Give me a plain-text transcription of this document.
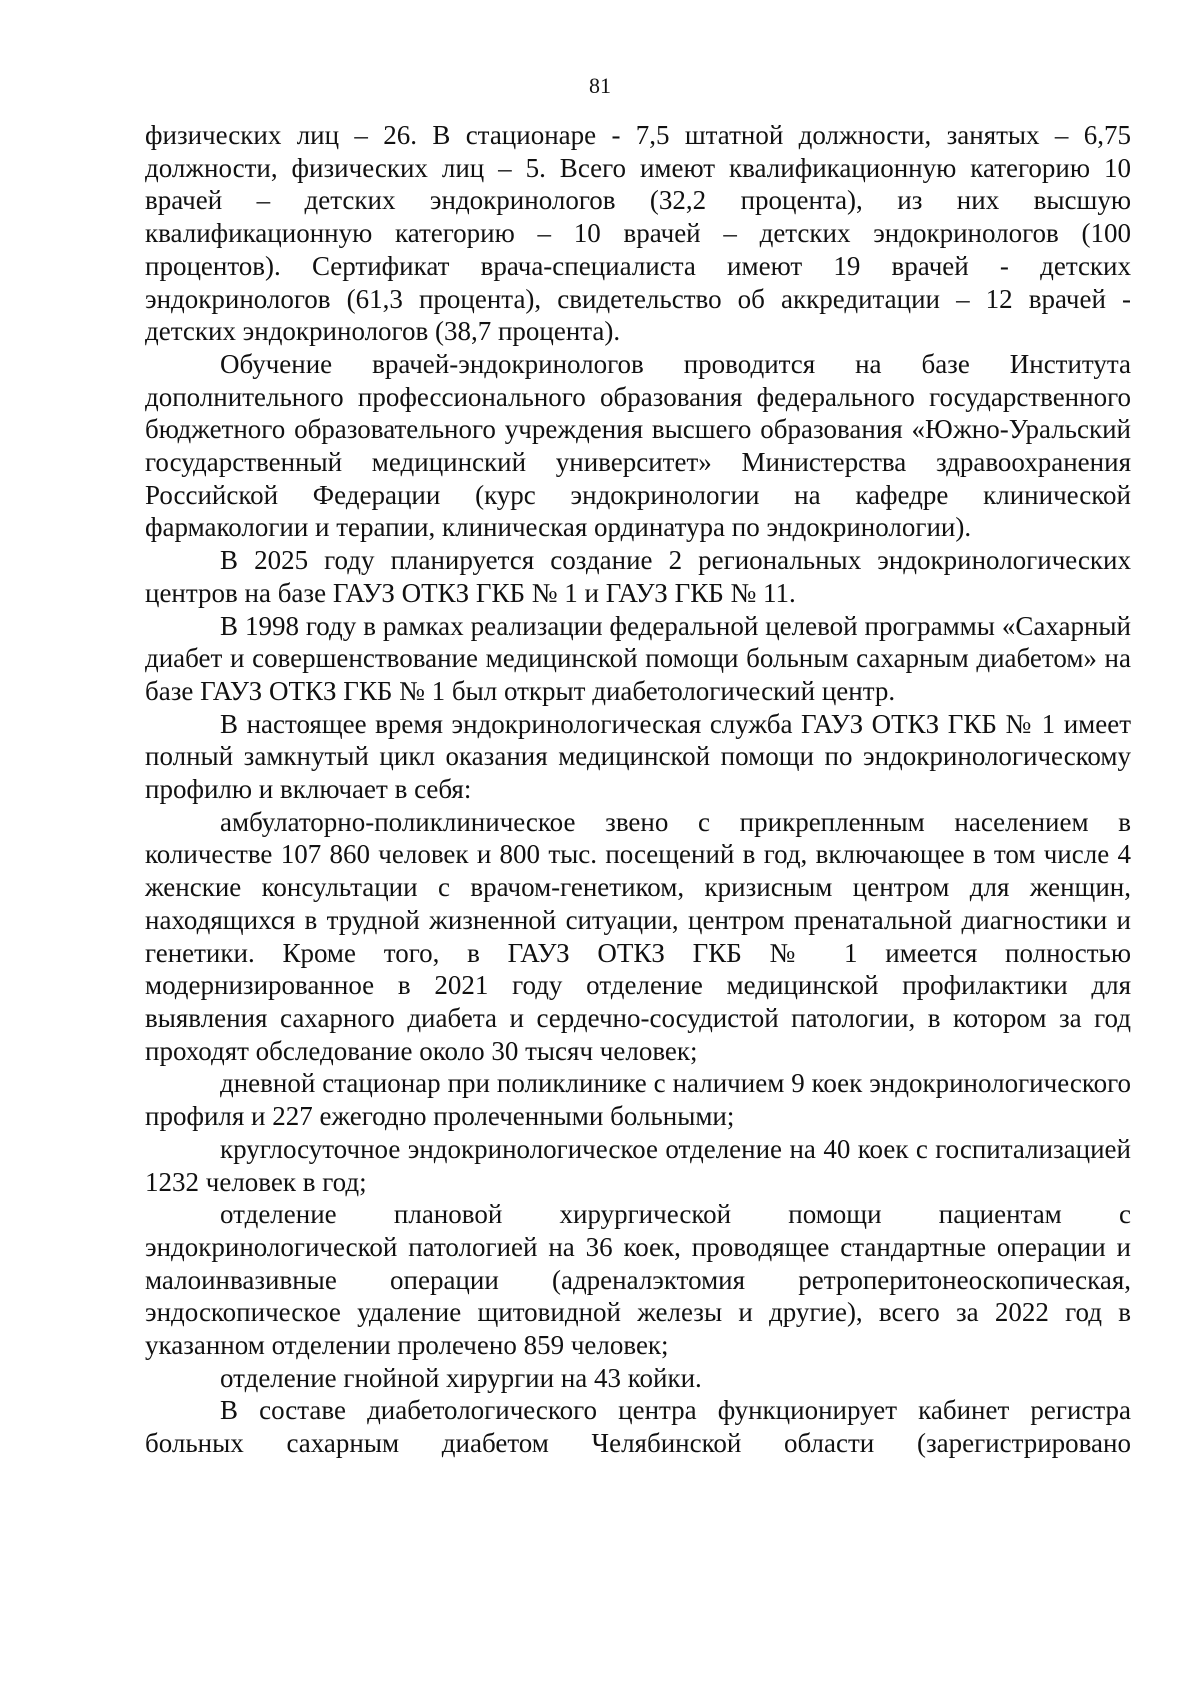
81

физических лиц – 26. В стационаре - 7,5 штатной должности, занятых – 6,75 должности, физических лиц – 5. Всего имеют квалификационную категорию 10 врачей – детских эндокринологов (32,2 процента), из них высшую квалификационную категорию – 10 врачей – детских эндокринологов (100 процентов). Сертификат врача-специалиста имеют 19 врачей - детских эндокринологов (61,3 процента), свидетельство об аккредитации – 12 врачей - детских эндокринологов (38,7 процента).

Обучение врачей-эндокринологов проводится на базе Института дополнительного профессионального образования федерального государственного бюджетного образовательного учреждения высшего образования «Южно-Уральский государственный медицинский университет» Министерства здравоохранения Российской Федерации (курс эндокринологии на кафедре клинической фармакологии и терапии, клиническая ординатура по эндокринологии).

В 2025 году планируется создание 2 региональных эндокринологических центров на базе ГАУЗ ОТКЗ ГКБ № 1 и ГАУЗ ГКБ № 11.

В 1998 году в рамках реализации федеральной целевой программы «Сахарный диабет и совершенствование медицинской помощи больным сахарным диабетом» на базе ГАУЗ ОТКЗ ГКБ № 1 был открыт диабетологический центр.

В настоящее время эндокринологическая служба ГАУЗ ОТКЗ ГКБ № 1 имеет полный замкнутый цикл оказания медицинской помощи по эндокринологическому профилю и включает в себя:

амбулаторно-поликлиническое звено с прикрепленным населением в количестве 107 860 человек и 800 тыс. посещений в год, включающее в том числе 4 женские консультации с врачом-генетиком, кризисным центром для женщин, находящихся в трудной жизненной ситуации, центром пренатальной диагностики и генетики. Кроме того, в ГАУЗ ОТКЗ ГКБ № 1 имеется полностью модернизированное в 2021 году отделение медицинской профилактики для выявления сахарного диабета и сердечно-сосудистой патологии, в котором за год проходят обследование около 30 тысяч человек;

дневной стационар при поликлинике с наличием 9 коек эндокринологического профиля и 227 ежегодно пролеченными больными;

круглосуточное эндокринологическое отделение на 40 коек с госпитализацией 1232 человек в год;

отделение плановой хирургической помощи пациентам с эндокринологической патологией на 36 коек, проводящее стандартные операции и малоинвазивные операции (адреналэктомия ретроперитонеоскопическая, эндоскопическое удаление щитовидной железы и другие), всего за 2022 год в указанном отделении пролечено 859 человек;

отделение гнойной хирургии на 43 койки.

В составе диабетологического центра функционирует кабинет регистра больных сахарным диабетом Челябинской области (зарегистрировано
